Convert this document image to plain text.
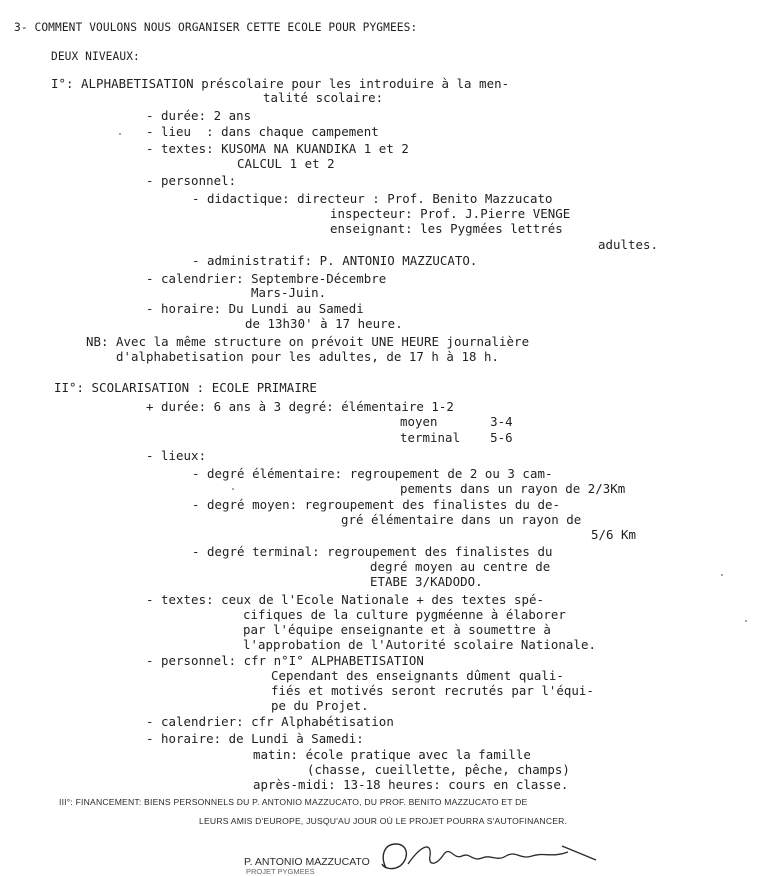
3- COMMENT VOULONS NOUS ORGANISER CETTE ECOLE POUR PYGMEES:
DEUX NIVEAUX:
I°: ALPHABETISATION préscolaire pour les introduire à la men-
talité scolaire:
- durée: 2 ans
- lieu  : dans chaque campement
- textes: KUSOMA NA KUANDIKA 1 et 2
CALCUL 1 et 2
- personnel:
- didactique: directeur : Prof. Benito Mazzucato
inspecteur: Prof. J.Pierre VENGE
enseignant: les Pygmées lettrés
adultes.
- administratif: P. ANTONIO MAZZUCATO.
- calendrier: Septembre-Décembre
Mars-Juin.
- horaire: Du Lundi au Samedi
de 13h30' à 17 heure.
NB: Avec la même structure on prévoit UNE HEURE journalière
d'alphabetisation pour les adultes, de 17 h à 18 h.
II°: SCOLARISATION : ECOLE PRIMAIRE
+ durée: 6 ans à 3 degré: élémentaire 1-2
moyen       3-4
terminal    5-6
- lieux:
- degré élémentaire: regroupement de 2 ou 3 cam-
pements dans un rayon de 2/3Km
- degré moyen: regroupement des finalistes du de-
gré élémentaire dans un rayon de
5/6 Km
- degré terminal: regroupement des finalistes du
degré moyen au centre de
ETABE 3/KADODO.
- textes: ceux de l'Ecole Nationale + des textes spé-
cifiques de la culture pygméenne à élaborer
par l'équipe enseignante et à soumettre à
l'approbation de l'Autorité scolaire Nationale.
- personnel: cfr n°I° ALPHABETISATION
Cependant des enseignants dûment quali-
fiés et motivés seront recrutés par l'équi-
pe du Projet.
- calendrier: cfr Alphabétisation
- horaire: de Lundi à Samedi:
matin: école pratique avec la famille
(chasse, cueillette, pêche, champs)
après-midi: 13-18 heures: cours en classe.
III°: FINANCEMENT: BIENS PERSONNELS DU P. ANTONIO MAZZUCATO, DU PROF. BENITO MAZZUCATO ET DE
LEURS AMIS D'EUROPE, JUSQU'AU JOUR OÙ LE PROJET POURRA S'AUTOFINANCER.
P. ANTONIO MAZZUCATO
PROJET PYGMEES
